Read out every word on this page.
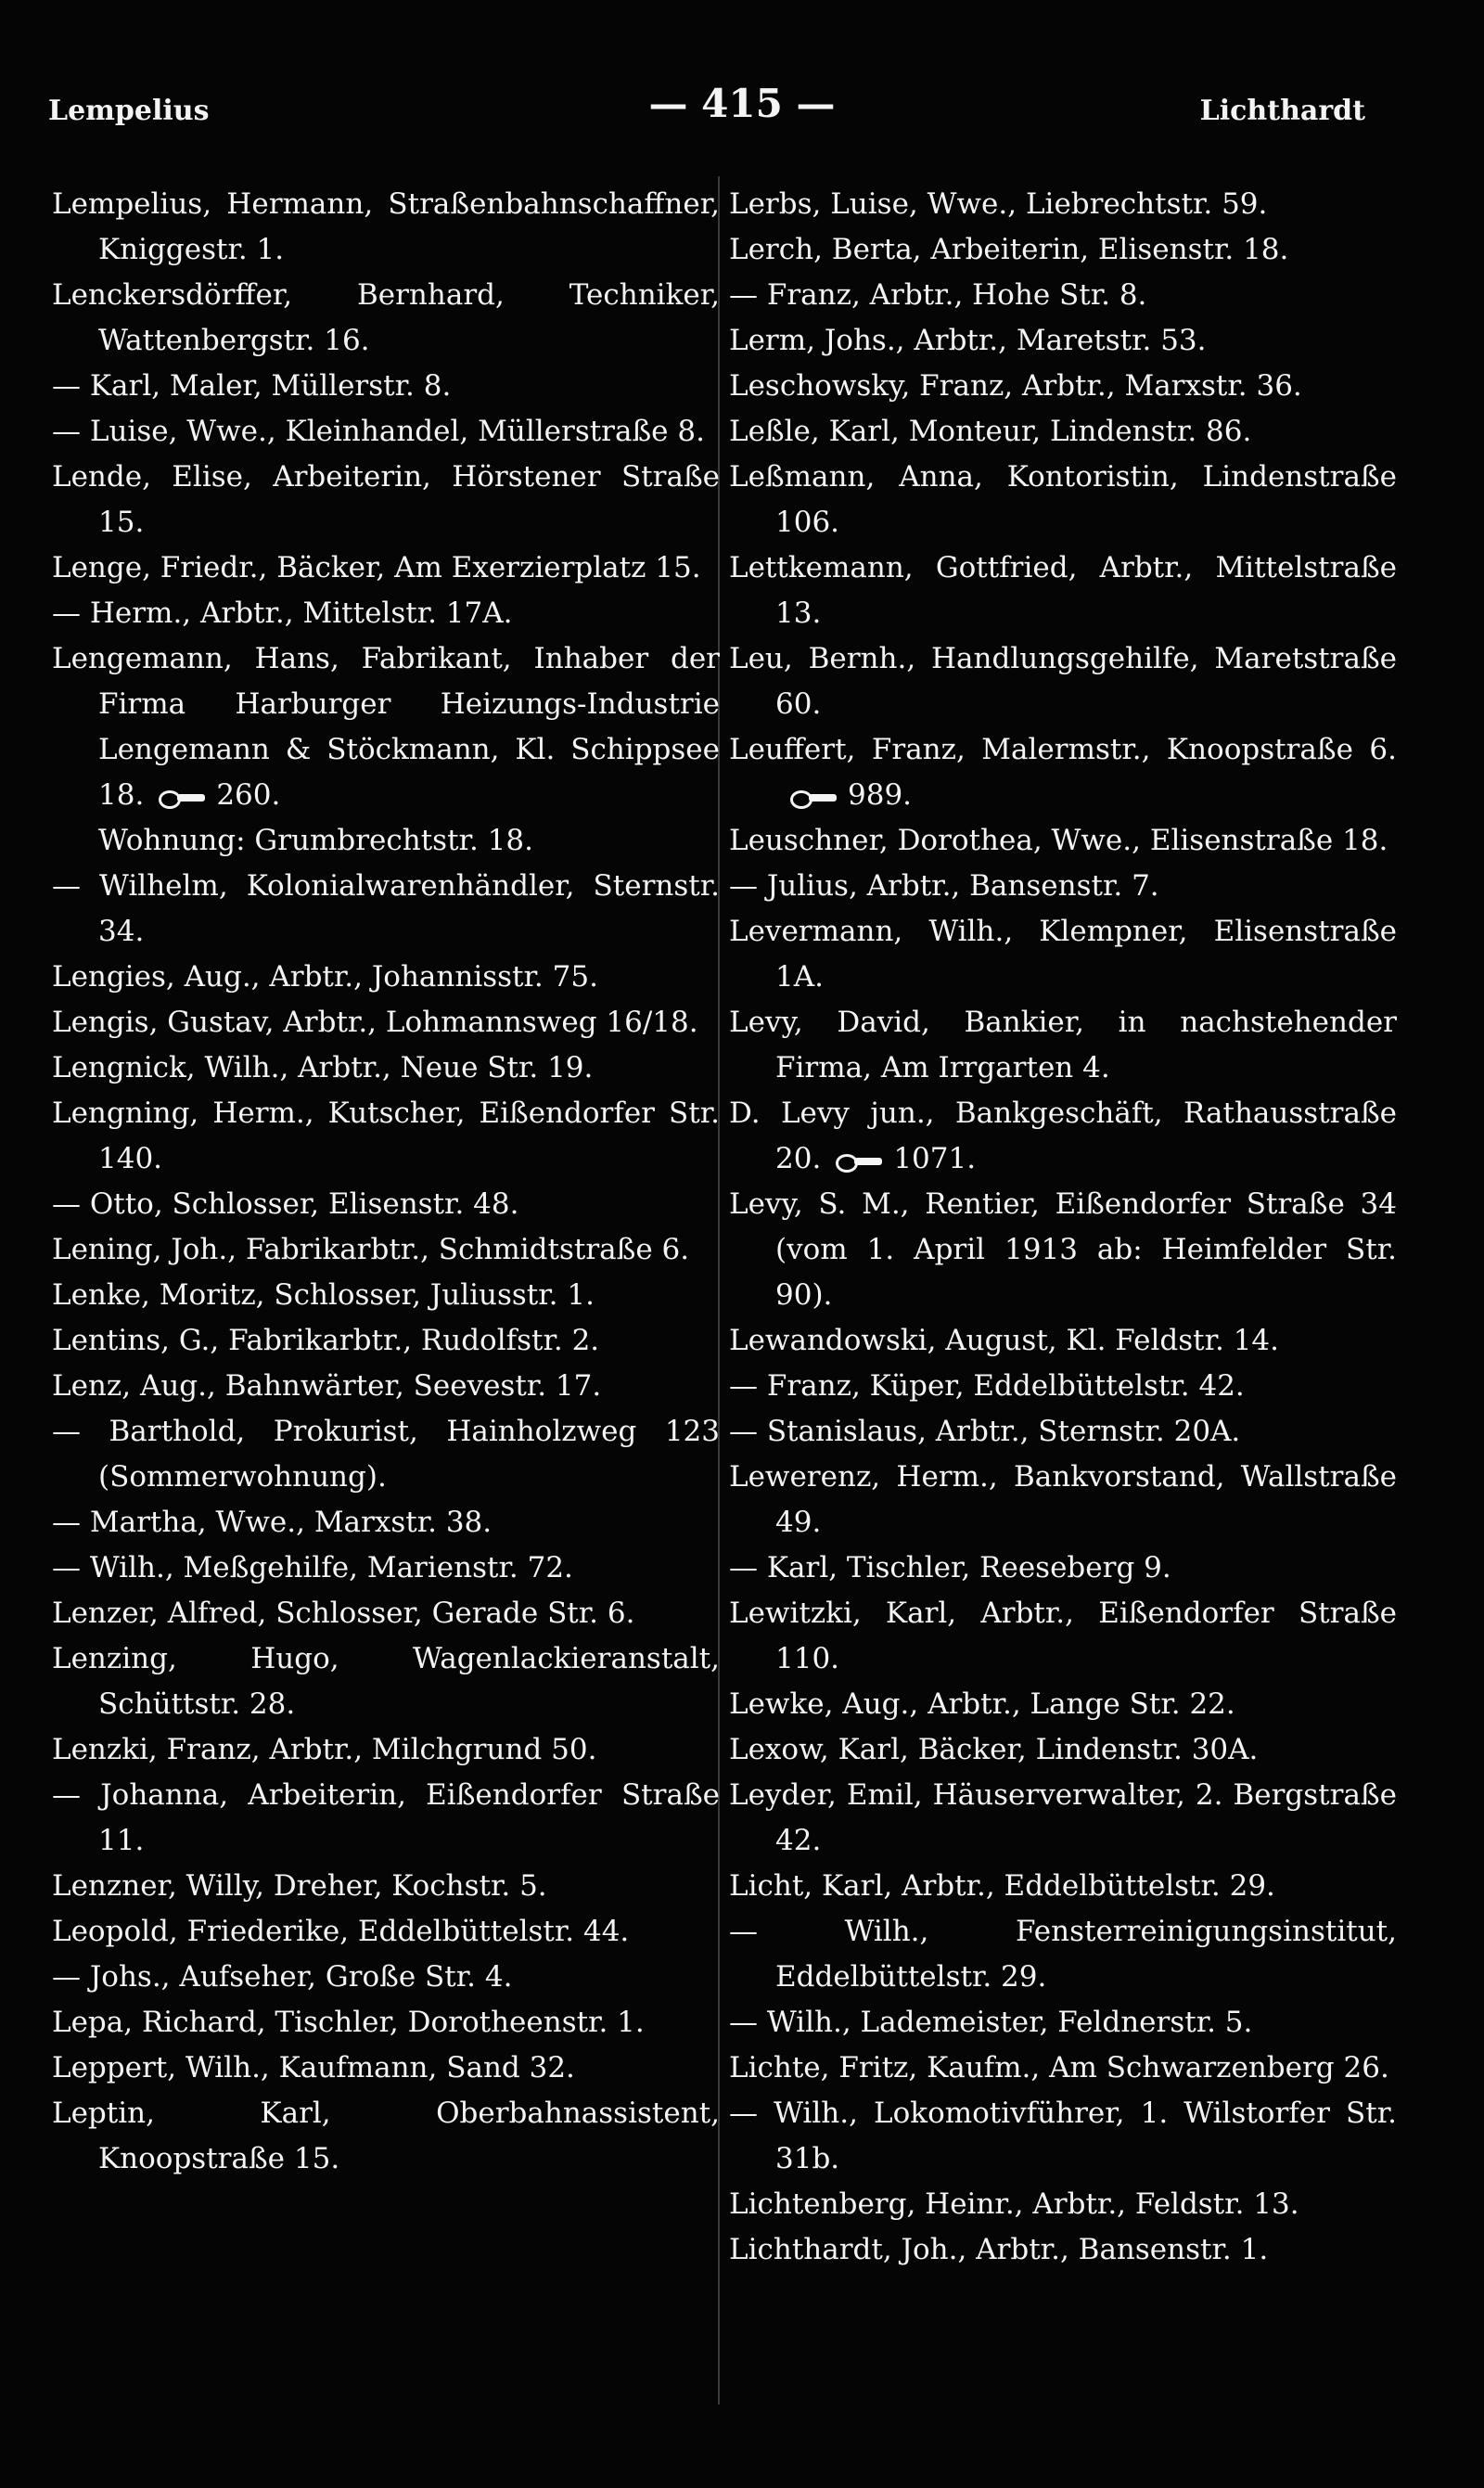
Lempelius	— 415 —	Lichthardt
Lempelius, Hermann, Straßenbahnschaffner, Kniggestr. 1.
Lenckersdörffer, Bernhard, Techniker, Wattenbergstr. 16.
— Karl, Maler, Müllerstr. 8.
— Luise, Wwe., Kleinhandel, Müllerstraße 8.
Lende, Elise, Arbeiterin, Hörstener Straße 15.
Lenge, Friedr., Bäcker, Am Exerzierplatz 15.
— Herm., Arbtr., Mittelstr. 17A.
Lengemann, Hans, Fabrikant, Inhaber der Firma Harburger Heizungs-Industrie Lengemann & Stöckmann, Kl. Schippsee 18.	260.
Wohnung: Grumbrechtstr. 18.
— Wilhelm, Kolonialwarenhändler, Sternstr. 34.
Lengies, Aug., Arbtr., Johannisstr. 75.
Lengis, Gustav, Arbtr., Lohmannsweg 16/18.
Lengnick, Wilh., Arbtr., Neue Str. 19.
Lengning, Herm., Kutscher, Eißendorfer Str. 140.
— Otto, Schlosser, Elisenstr. 48.
Lening, Joh., Fabrikarbtr., Schmidtstraße 6.
Lenke, Moritz, Schlosser, Juliusstr. 1.
Lentins, G., Fabrikarbtr., Rudolfstr. 2.
Lenz, Aug., Bahnwärter, Seevestr. 17.
— Barthold, Prokurist, Hainholzweg 123 (Sommerwohnung).
— Martha, Wwe., Marxstr. 38.
— Wilh., Meßgehilfe, Marienstr. 72.
Lenzer, Alfred, Schlosser, Gerade Str. 6.
Lenzing, Hugo, Wagenlackieranstalt, Schüttstr. 28.
Lenzki, Franz, Arbtr., Milchgrund 50.
— Johanna, Arbeiterin, Eißendorfer Straße 11.
Lenzner, Willy, Dreher, Kochstr. 5.
Leopold, Friederike, Eddelbüttelstr. 44.
— Johs., Aufseher, Große Str. 4.
Lepa, Richard, Tischler, Dorotheenstr. 1.
Leppert, Wilh., Kaufmann, Sand 32.
Leptin, Karl, Oberbahnassistent, Knoopstraße 15.
Lerbs, Luise, Wwe., Liebrechtstr. 59.
Lerch, Berta, Arbeiterin, Elisenstr. 18.
— Franz, Arbtr., Hohe Str. 8.
Lerm, Johs., Arbtr., Maretstr. 53.
Leschowsky, Franz, Arbtr., Marxstr. 36.
Leßle, Karl, Monteur, Lindenstr. 86.
Leßmann, Anna, Kontoristin, Lindenstraße 106.
Lettkemann, Gottfried, Arbtr., Mittelstraße 13.
Leu, Bernh., Handlungsgehilfe, Maretstraße 60.
Leuffert, Franz, Malermstr., Knoopstraße 6.989.
Leuschner, Dorothea, Wwe., Elisenstraße 18.
— Julius, Arbtr., Bansenstr. 7.
Levermann, Wilh., Klempner, Elisenstraße 1A.
Levy, David, Bankier, in nachstehender Firma, Am Irrgarten 4.
D. Levy jun., Bankgeschäft, Rathausstraße 20.	1071.
Levy, S. M., Rentier, Eißendorfer Straße 34 (vom 1. April 1913 ab: Heimfelder Str. 90).
Lewandowski, August, Kl. Feldstr. 14.
— Franz, Küper, Eddelbüttelstr. 42.
— Stanislaus, Arbtr., Sternstr. 20A.
Lewerenz, Herm., Bankvorstand, Wallstraße 49.
— Karl, Tischler, Reeseberg 9.
Lewitzki, Karl, Arbtr., Eißendorfer Straße 110.
Lewke, Aug., Arbtr., Lange Str. 22.
Lexow, Karl, Bäcker, Lindenstr. 30A.
Leyder, Emil, Häuserverwalter, 2. Bergstraße 42.
Licht, Karl, Arbtr., Eddelbüttelstr. 29.
— Wilh., Fensterreinigungsinstitut, Eddelbüttelstr. 29.
— Wilh., Lademeister, Feldnerstr. 5.
Lichte, Fritz, Kaufm., Am Schwarzenberg 26.
— Wilh., Lokomotivführer, 1. Wilstorfer Str. 31b.
Lichtenberg, Heinr., Arbtr., Feldstr. 13.
Lichthardt, Joh., Arbtr., Bansenstr. 1.
